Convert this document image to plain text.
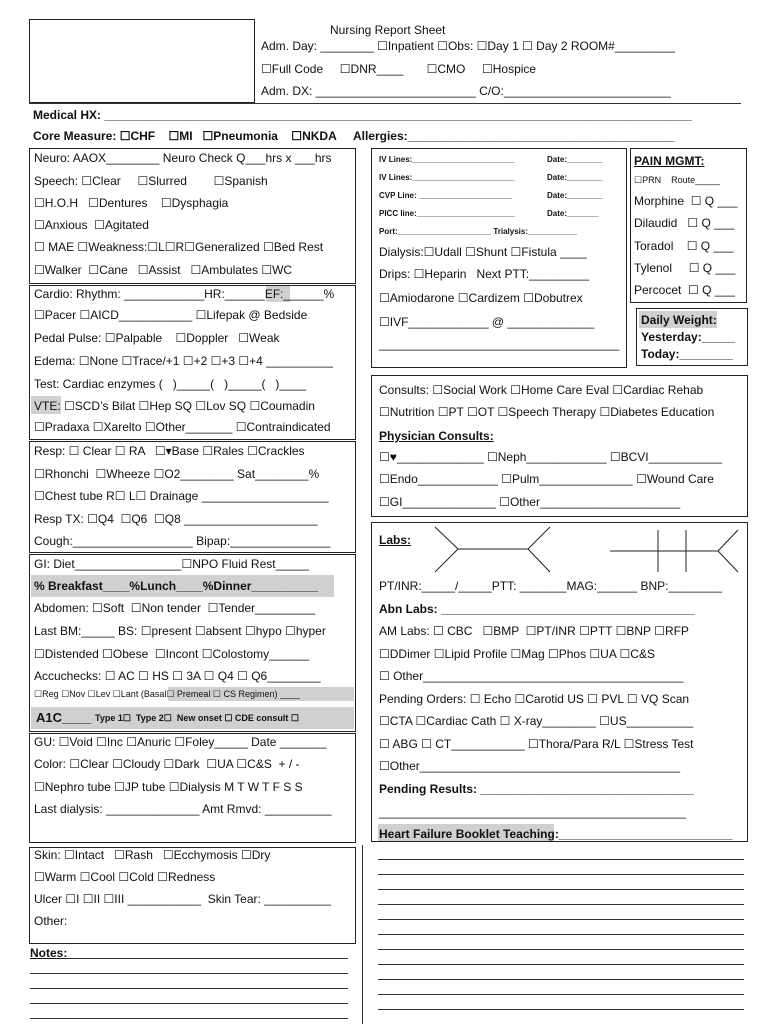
Nursing Report Sheet
Adm. Day: ________ ☐Inpatient ☐Obs: ☐Day 1 ☐ Day 2 ROOM#_________
☐Full Code     ☐DNR____       ☐CMO     ☐Hospice
Adm. DX: ________________________ C/O:_________________________
Medical HX: ________________________________________________________________________________________
Core Measure: ☐CHF    ☐MI   ☐Pneumonia    ☐NKDA     Allergies:________________________________________
Neuro: AAOX________ Neuro Check Q___hrs x ___hrs
Speech: ☐Clear     ☐Slurred        ☐Spanish
☐H.O.H   ☐Dentures    ☐Dysphagia
☐Anxious  ☐Agitated
☐ MAE ☐Weakness:☐L☐R☐Generalized ☐Bed Rest
☐Walker  ☐Cane   ☐Assist   ☐Ambulates ☐WC
Cardio: Rhythm: ____________HR:______EF:______%
☐Pacer ☐AICD___________ ☐Lifepak @ Bedside
Pedal Pulse: ☐Palpable    ☐Doppler   ☐Weak
Edema: ☐None ☐Trace/+1 ☐+2 ☐+3 ☐+4 __________
Test: Cardiac enzymes (   )_____(   )_____(   )____
VTE: ☐SCD’s Bilat ☐Hep SQ ☐Lov SQ ☐Coumadin
☐Pradaxa ☐Xarelto ☐Other_______ ☐Contraindicated
Resp: ☐ Clear ☐ RA   ☐▾Base ☐Rales ☐Crackles
☐Rhonchi  ☐Wheeze ☐O2________ Sat________%
☐Chest tube R☐ L☐ Drainage ___________________
Resp TX: ☐Q4  ☐Q6  ☐Q8 ____________________
Cough:__________________ Bipap:_______________
GI: Diet________________☐NPO Fluid Rest_____
% Breakfast____%Lunch____%Dinner__________
Abdomen: ☐Soft  ☐Non tender  ☐Tender_________
Last BM:_____ BS: ☐present ☐absent ☐hypo ☐hyper
☐Distended ☐Obese  ☐Incont ☐Colostomy______
Accuchecks: ☐ AC ☐ HS ☐ 3A ☐ Q4 ☐ Q6________
☐Reg ☐Nov ☐Lev ☐Lant (Basal☐ Premeal ☐ CS Regimen) ____
A1C____ Type 1☐  Type 2☐  New onset ☐ CDE consult ☐
GU: ☐Void ☐Inc ☐Anuric ☐Foley_____ Date _______
Color: ☐Clear ☐Cloudy ☐Dark  ☐UA ☐C&S  + / -
☐Nephro tube ☐JP tube ☐Dialysis M T W T F S S
Last dialysis: ______________ Amt Rmvd: __________
Skin: ☐Intact   ☐Rash   ☐Ecchymosis ☐Dry
☐Warm ☐Cool ☐Cold ☐Redness
Ulcer ☐I ☐II ☐III ___________  Skin Tear: __________
Other:
Notes:
IV Lines:_______________________	Date:________
IV Lines:_______________________	Date:________
CVP Line: _____________________	Date:________
PICC line:______________________	Date:_______
Port:_____________________ Trialysis:___________
Dialysis:☐Udall ☐Shunt ☐Fistula ____
Drips: ☐Heparin   Next PTT:_________
☐Amiodarone ☐Cardizem ☐Dobutrex
☐IVF____________ @ _____________
____________________________________
PAIN MGMT:
☐PRN    Route_____
Morphine  ☐ Q ___
Dilaudid   ☐ Q ___
Toradol    ☐ Q ___
Tylenol     ☐ Q ___
Percocet  ☐ Q ___
Daily Weight:
Yesterday:_____
Today:________
Consults: ☐Social Work ☐Home Care Eval ☐Cardiac Rehab
☐Nutrition ☐PT ☐OT ☐Speech Therapy ☐Diabetes Education
Physician Consults:
☐♥_____________ ☐Neph____________ ☐BCVI___________
☐Endo____________ ☐Pulm______________ ☐Wound Care
☐GI______________ ☐Other_____________________
Labs:
PT/INR:_____/_____PTT: _______MAG:______ BNP:________
Abn Labs: ______________________________________
AM Labs: ☐ CBC   ☐BMP  ☐PT/INR ☐PTT ☐BNP ☐RFP
☐DDimer ☐Lipid Profile ☐Mag ☐Phos ☐UA ☐C&S
☐ Other_______________________________________
Pending Orders: ☐ Echo ☐Carotid US ☐ PVL ☐ VQ Scan
☐CTA ☐Cardiac Cath ☐ X-ray________ ☐US__________
☐ ABG ☐ CT___________ ☐Thora/Para R/L ☐Stress Test
☐Other_______________________________________
Pending Results: ________________________________
______________________________________________
Heart Failure Booklet Teaching:__________________________
